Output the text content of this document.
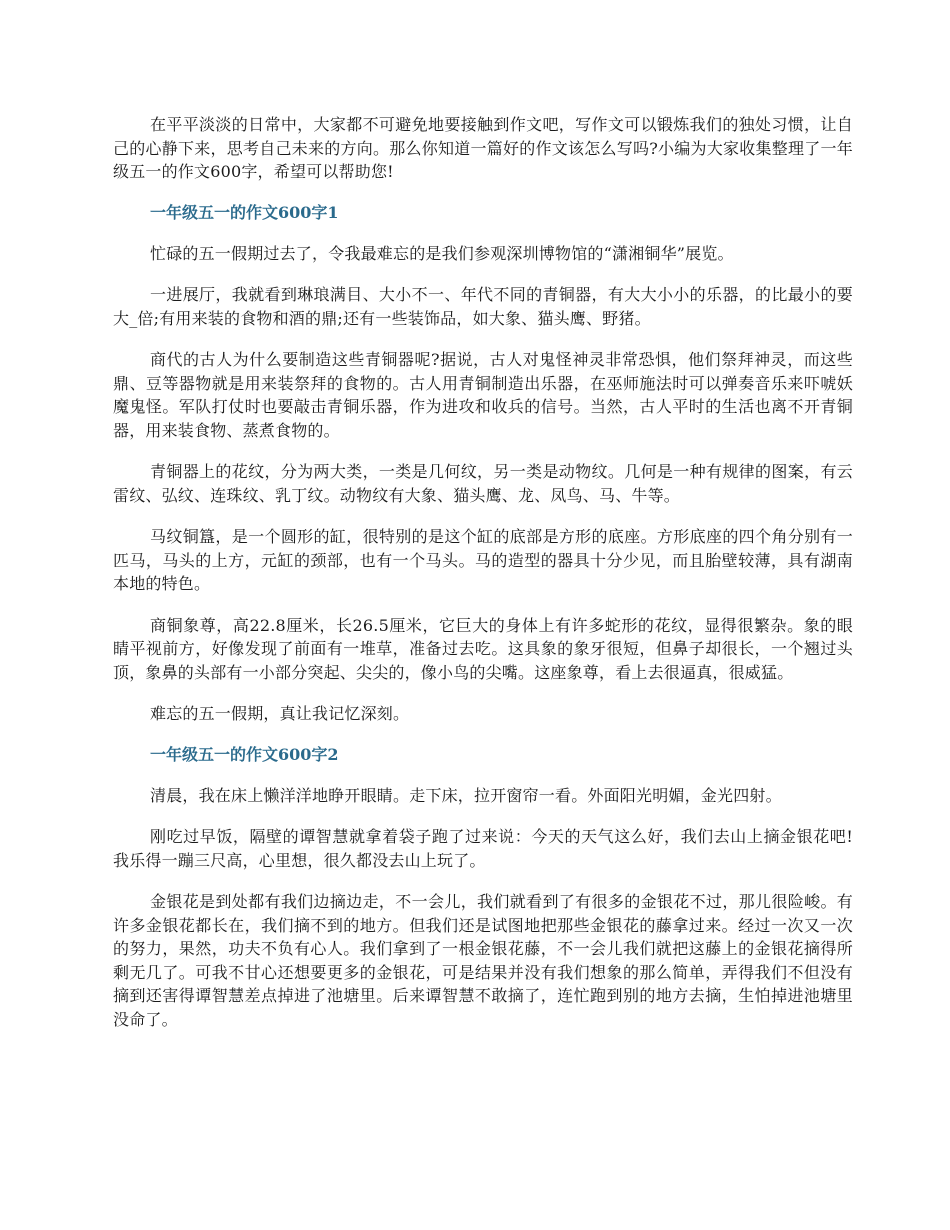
在平平淡淡的日常中，大家都不可避免地要接触到作文吧，写作文可以锻炼我们的独处习惯，让自己的心静下来，思考自己未来的方向。那么你知道一篇好的作文该怎么写吗?小编为大家收集整理了一年级五一的作文600字，希望可以帮助您!

一年级五一的作文600字1

忙碌的五一假期过去了，令我最难忘的是我们参观深圳博物馆的“潇湘铜华”展览。

一进展厅，我就看到琳琅满目、大小不一、年代不同的青铜器，有大大小小的乐器，的比最小的要大_倍;有用来装的食物和酒的鼎;还有一些装饰品，如大象、猫头鹰、野猪。

商代的古人为什么要制造这些青铜器呢?据说，古人对鬼怪神灵非常恐惧，他们祭拜神灵，而这些鼎、豆等器物就是用来装祭拜的食物的。古人用青铜制造出乐器，在巫师施法时可以弹奏音乐来吓唬妖魔鬼怪。军队打仗时也要敲击青铜乐器，作为进攻和收兵的信号。当然，古人平时的生活也离不开青铜器，用来装食物、蒸煮食物的。

青铜器上的花纹，分为两大类，一类是几何纹，另一类是动物纹。几何是一种有规律的图案，有云雷纹、弘纹、连珠纹、乳丁纹。动物纹有大象、猫头鹰、龙、凤鸟、马、牛等。

马纹铜簋，是一个圆形的缸，很特别的是这个缸的底部是方形的底座。方形底座的四个角分别有一匹马，马头的上方，元缸的颈部，也有一个马头。马的造型的器具十分少见，而且胎壁较薄，具有湖南本地的特色。

商铜象尊，高22.8厘米，长26.5厘米，它巨大的身体上有许多蛇形的花纹，显得很繁杂。象的眼睛平视前方，好像发现了前面有一堆草，准备过去吃。这具象的象牙很短，但鼻子却很长，一个翘过头顶，象鼻的头部有一小部分突起、尖尖的，像小鸟的尖嘴。这座象尊，看上去很逼真，很威猛。

难忘的五一假期，真让我记忆深刻。

一年级五一的作文600字2

清晨，我在床上懒洋洋地睁开眼睛。走下床，拉开窗帘一看。外面阳光明媚，金光四射。

刚吃过早饭，隔壁的谭智慧就拿着袋子跑了过来说：今天的天气这么好，我们去山上摘金银花吧!我乐得一蹦三尺高，心里想，很久都没去山上玩了。

金银花是到处都有我们边摘边走，不一会儿，我们就看到了有很多的金银花不过，那儿很险峻。有许多金银花都长在，我们摘不到的地方。但我们还是试图地把那些金银花的藤拿过来。经过一次又一次的努力，果然，功夫不负有心人。我们拿到了一根金银花藤，不一会儿我们就把这藤上的金银花摘得所剩无几了。可我不甘心还想要更多的金银花，可是结果并没有我们想象的那么简单，弄得我们不但没有摘到还害得谭智慧差点掉进了池塘里。后来谭智慧不敢摘了，连忙跑到别的地方去摘，生怕掉进池塘里没命了。
